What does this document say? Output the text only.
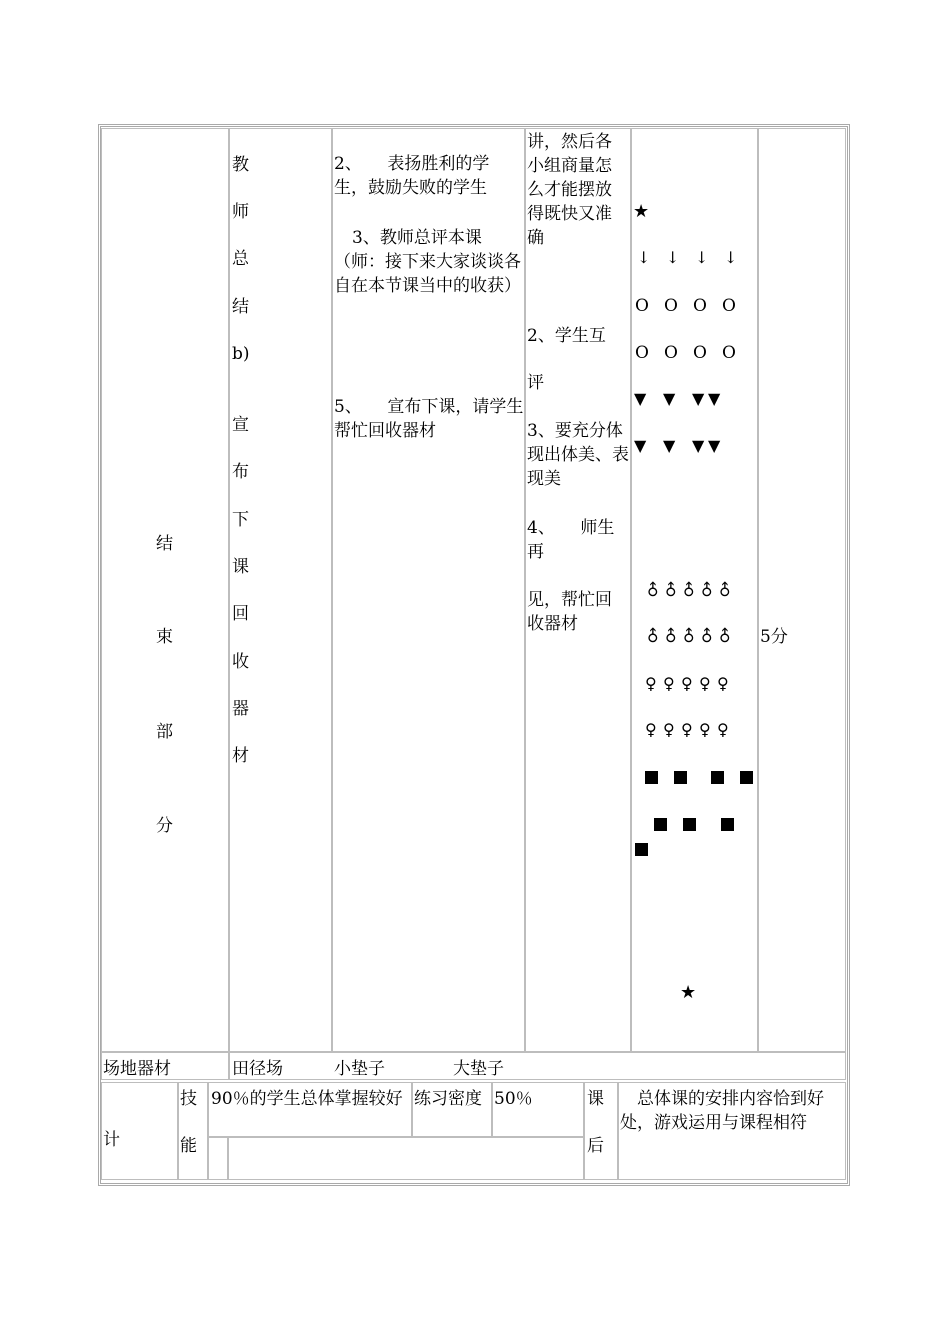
结
束
部
分
教
师
总
结
b)
宣
布
下
课
回
收
器
材
2、　　表扬胜利的学生，鼓励失败的学生
3、教师总评本课
（师：接下来大家谈谈各自在本节课当中的收获）
5、　　宣布下课，请学生帮忙回收器材
讲，然后各小组商量怎么才能摆放得既快又准确
2、学生互
评
3、要充分体现出体美、表现美
4、　　师生
再
见，帮忙回收器材
★
↓ ↓ ↓ ↓
O O O O
O O O O
▼ ▼ ▼ ▼
▼ ▼ ▼ ▼
♂
♂
♂
♂
♂
♂
♂
♂
♂
♂
♀ ♀ ♀ ♀ ♀
♀ ♀ ♀ ♀ ♀
★
5分
场地器材	田径场　　　小垫子　　　　大垫子
计
技
能
90％的学生总体掌握较好 练习密度 50％	课
后
总体课的安排内容恰到好处，游戏运用与课程相符
